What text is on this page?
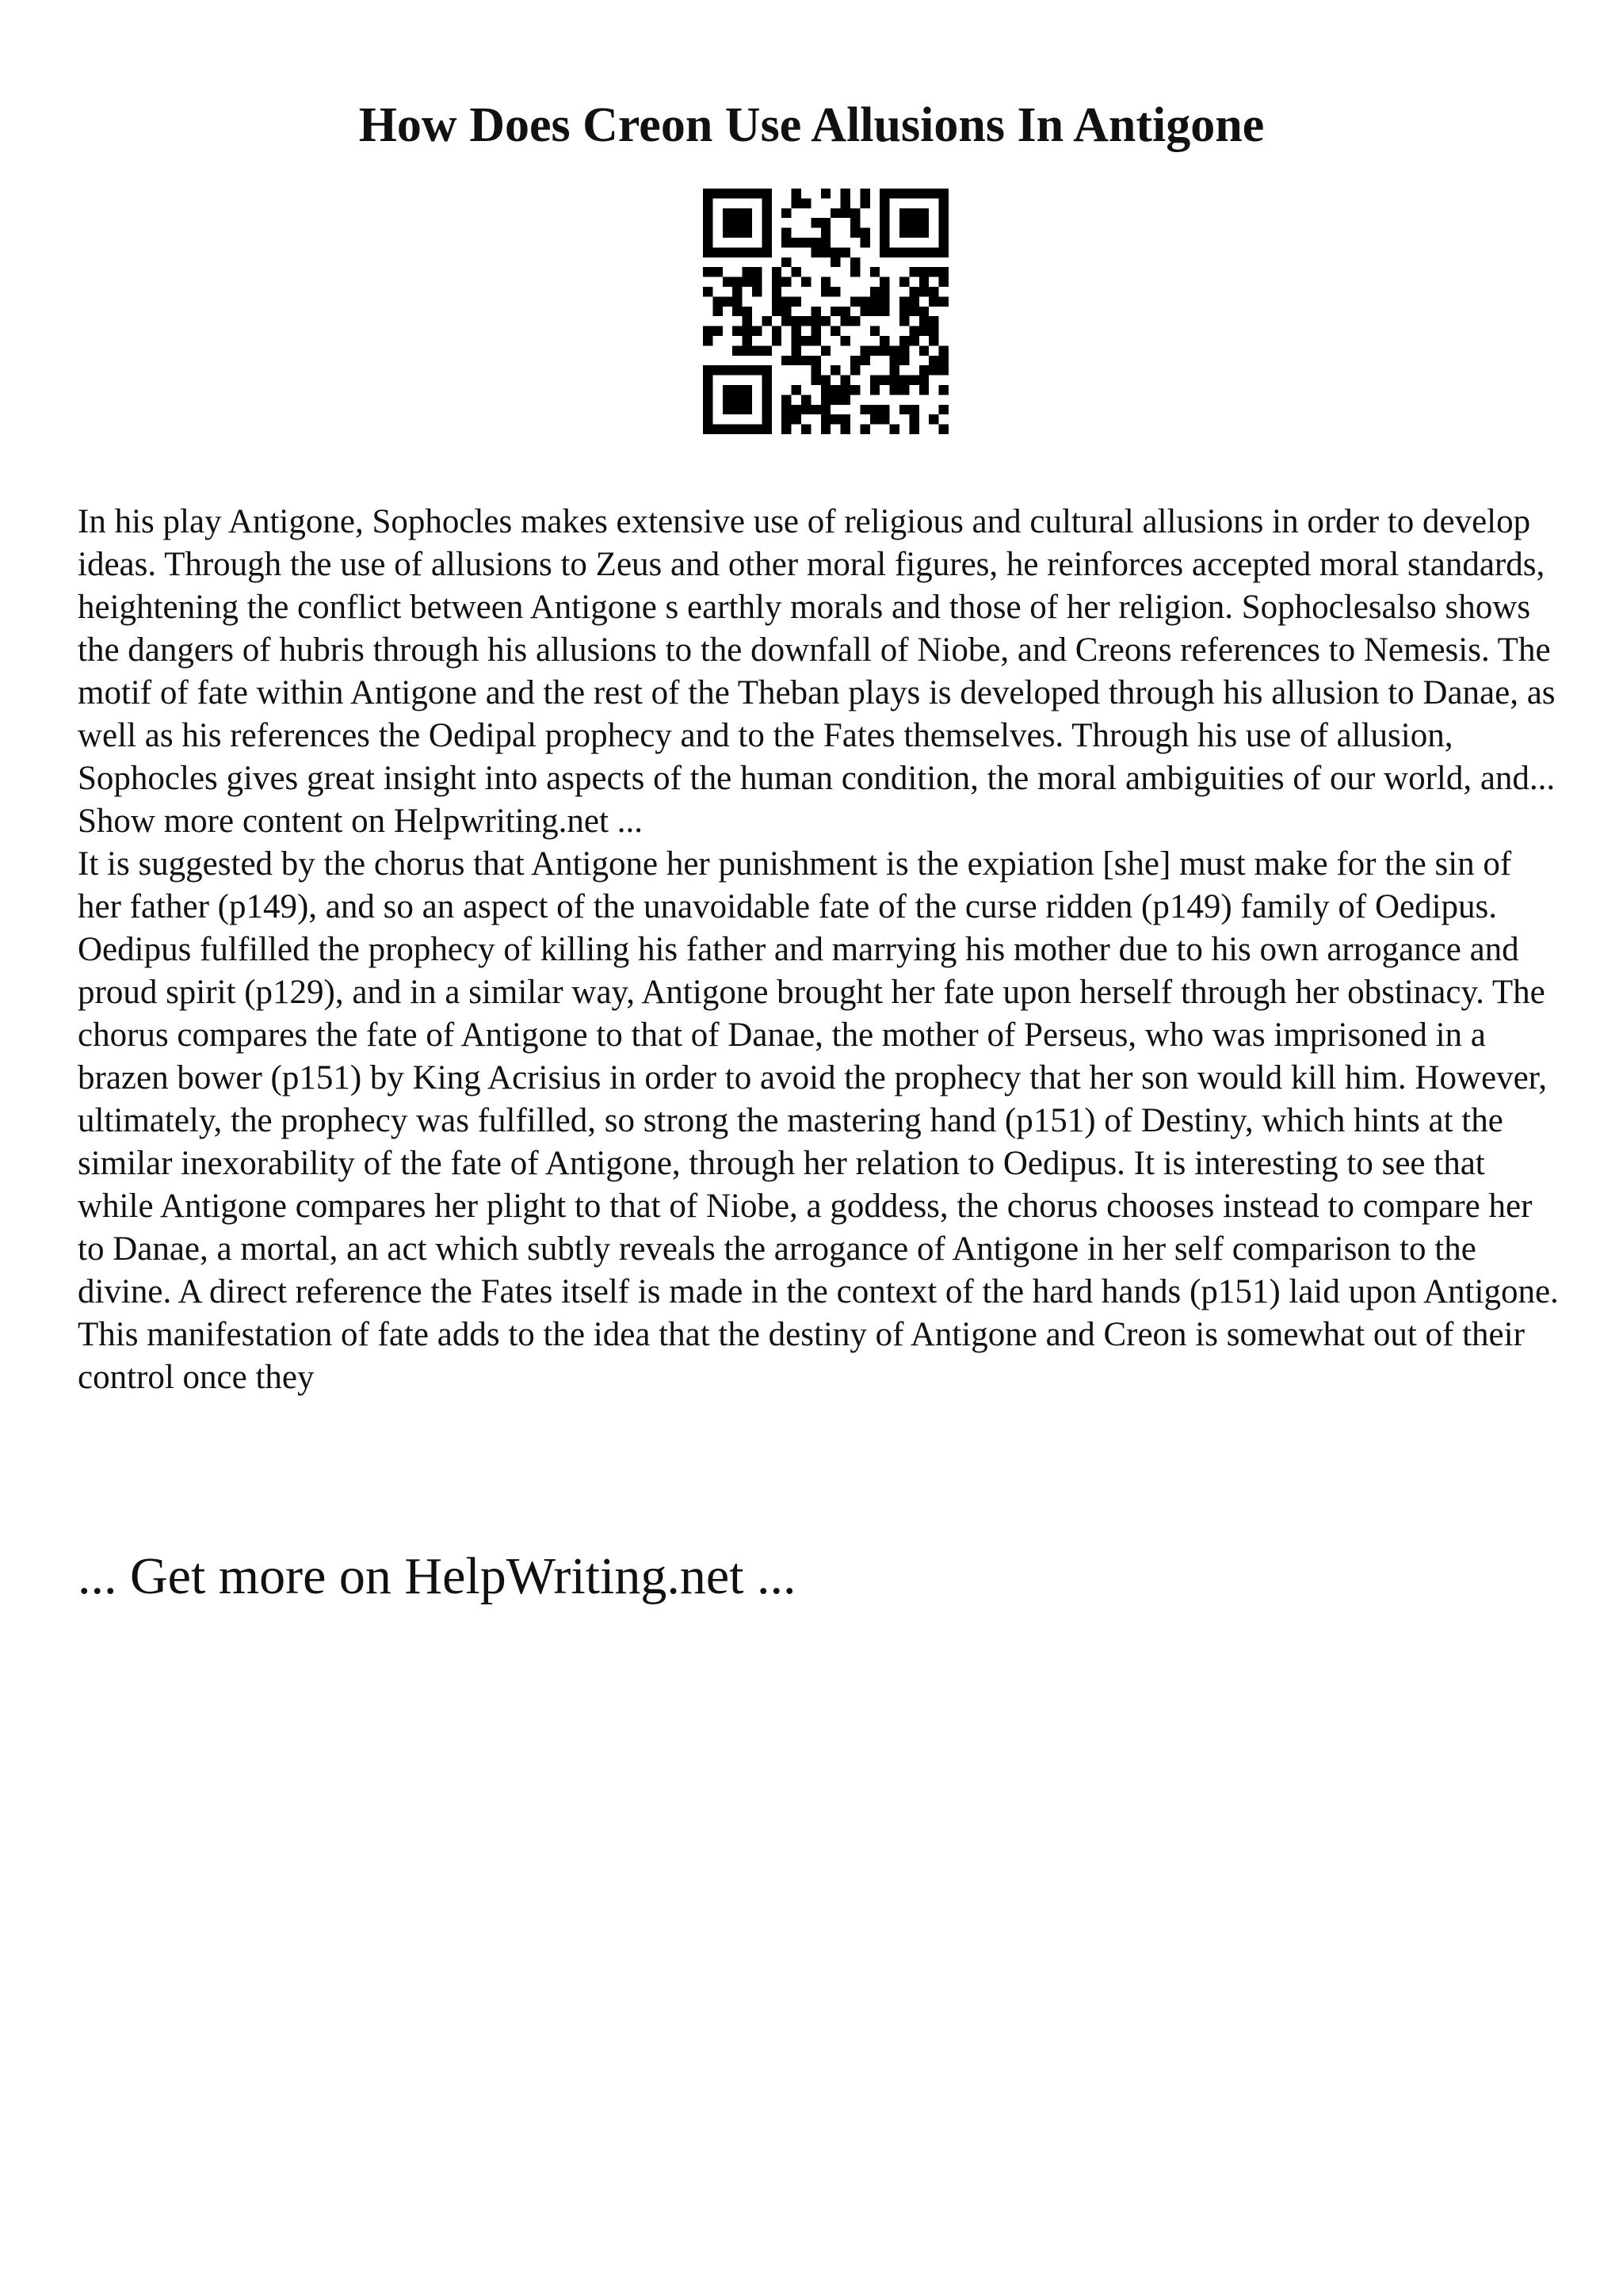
How Does Creon Use Allusions In Antigone

In his play Antigone, Sophocles makes extensive use of religious and cultural allusions in order to develop ideas. Through the use of allusions to Zeus and other moral figures, he reinforces accepted moral standards, heightening the conflict between Antigone s earthly morals and those of her religion. Sophoclesalso shows the dangers of hubris through his allusions to the downfall of Niobe, and Creons references to Nemesis. The motif of fate within Antigone and the rest of the Theban plays is developed through his allusion to Danae, as well as his references the Oedipal prophecy and to the Fates themselves. Through his use of allusion, Sophocles gives great insight into aspects of the human condition, the moral ambiguities of our world, and... Show more content on Helpwriting.net ...

It is suggested by the chorus that Antigone her punishment is the expiation [she] must make for the sin of her father (p149), and so an aspect of the unavoidable fate of the curse ridden (p149) family of Oedipus. Oedipus fulfilled the prophecy of killing his father and marrying his mother due to his own arrogance and proud spirit (p129), and in a similar way, Antigone brought her fate upon herself through her obstinacy. The chorus compares the fate of Antigone to that of Danae, the mother of Perseus, who was imprisoned in a brazen bower (p151) by King Acrisius in order to avoid the prophecy that her son would kill him. However, ultimately, the prophecy was fulfilled, so strong the mastering hand (p151) of Destiny, which hints at the similar inexorability of the fate of Antigone, through her relation to Oedipus. It is interesting to see that while Antigone compares her plight to that of Niobe, a goddess, the chorus chooses instead to compare her to Danae, a mortal, an act which subtly reveals the arrogance of Antigone in her self comparison to the divine. A direct reference the Fates itself is made in the context of the hard hands (p151) laid upon Antigone. This manifestation of fate adds to the idea that the destiny of Antigone and Creon is somewhat out of their control once they

... Get more on HelpWriting.net ...
